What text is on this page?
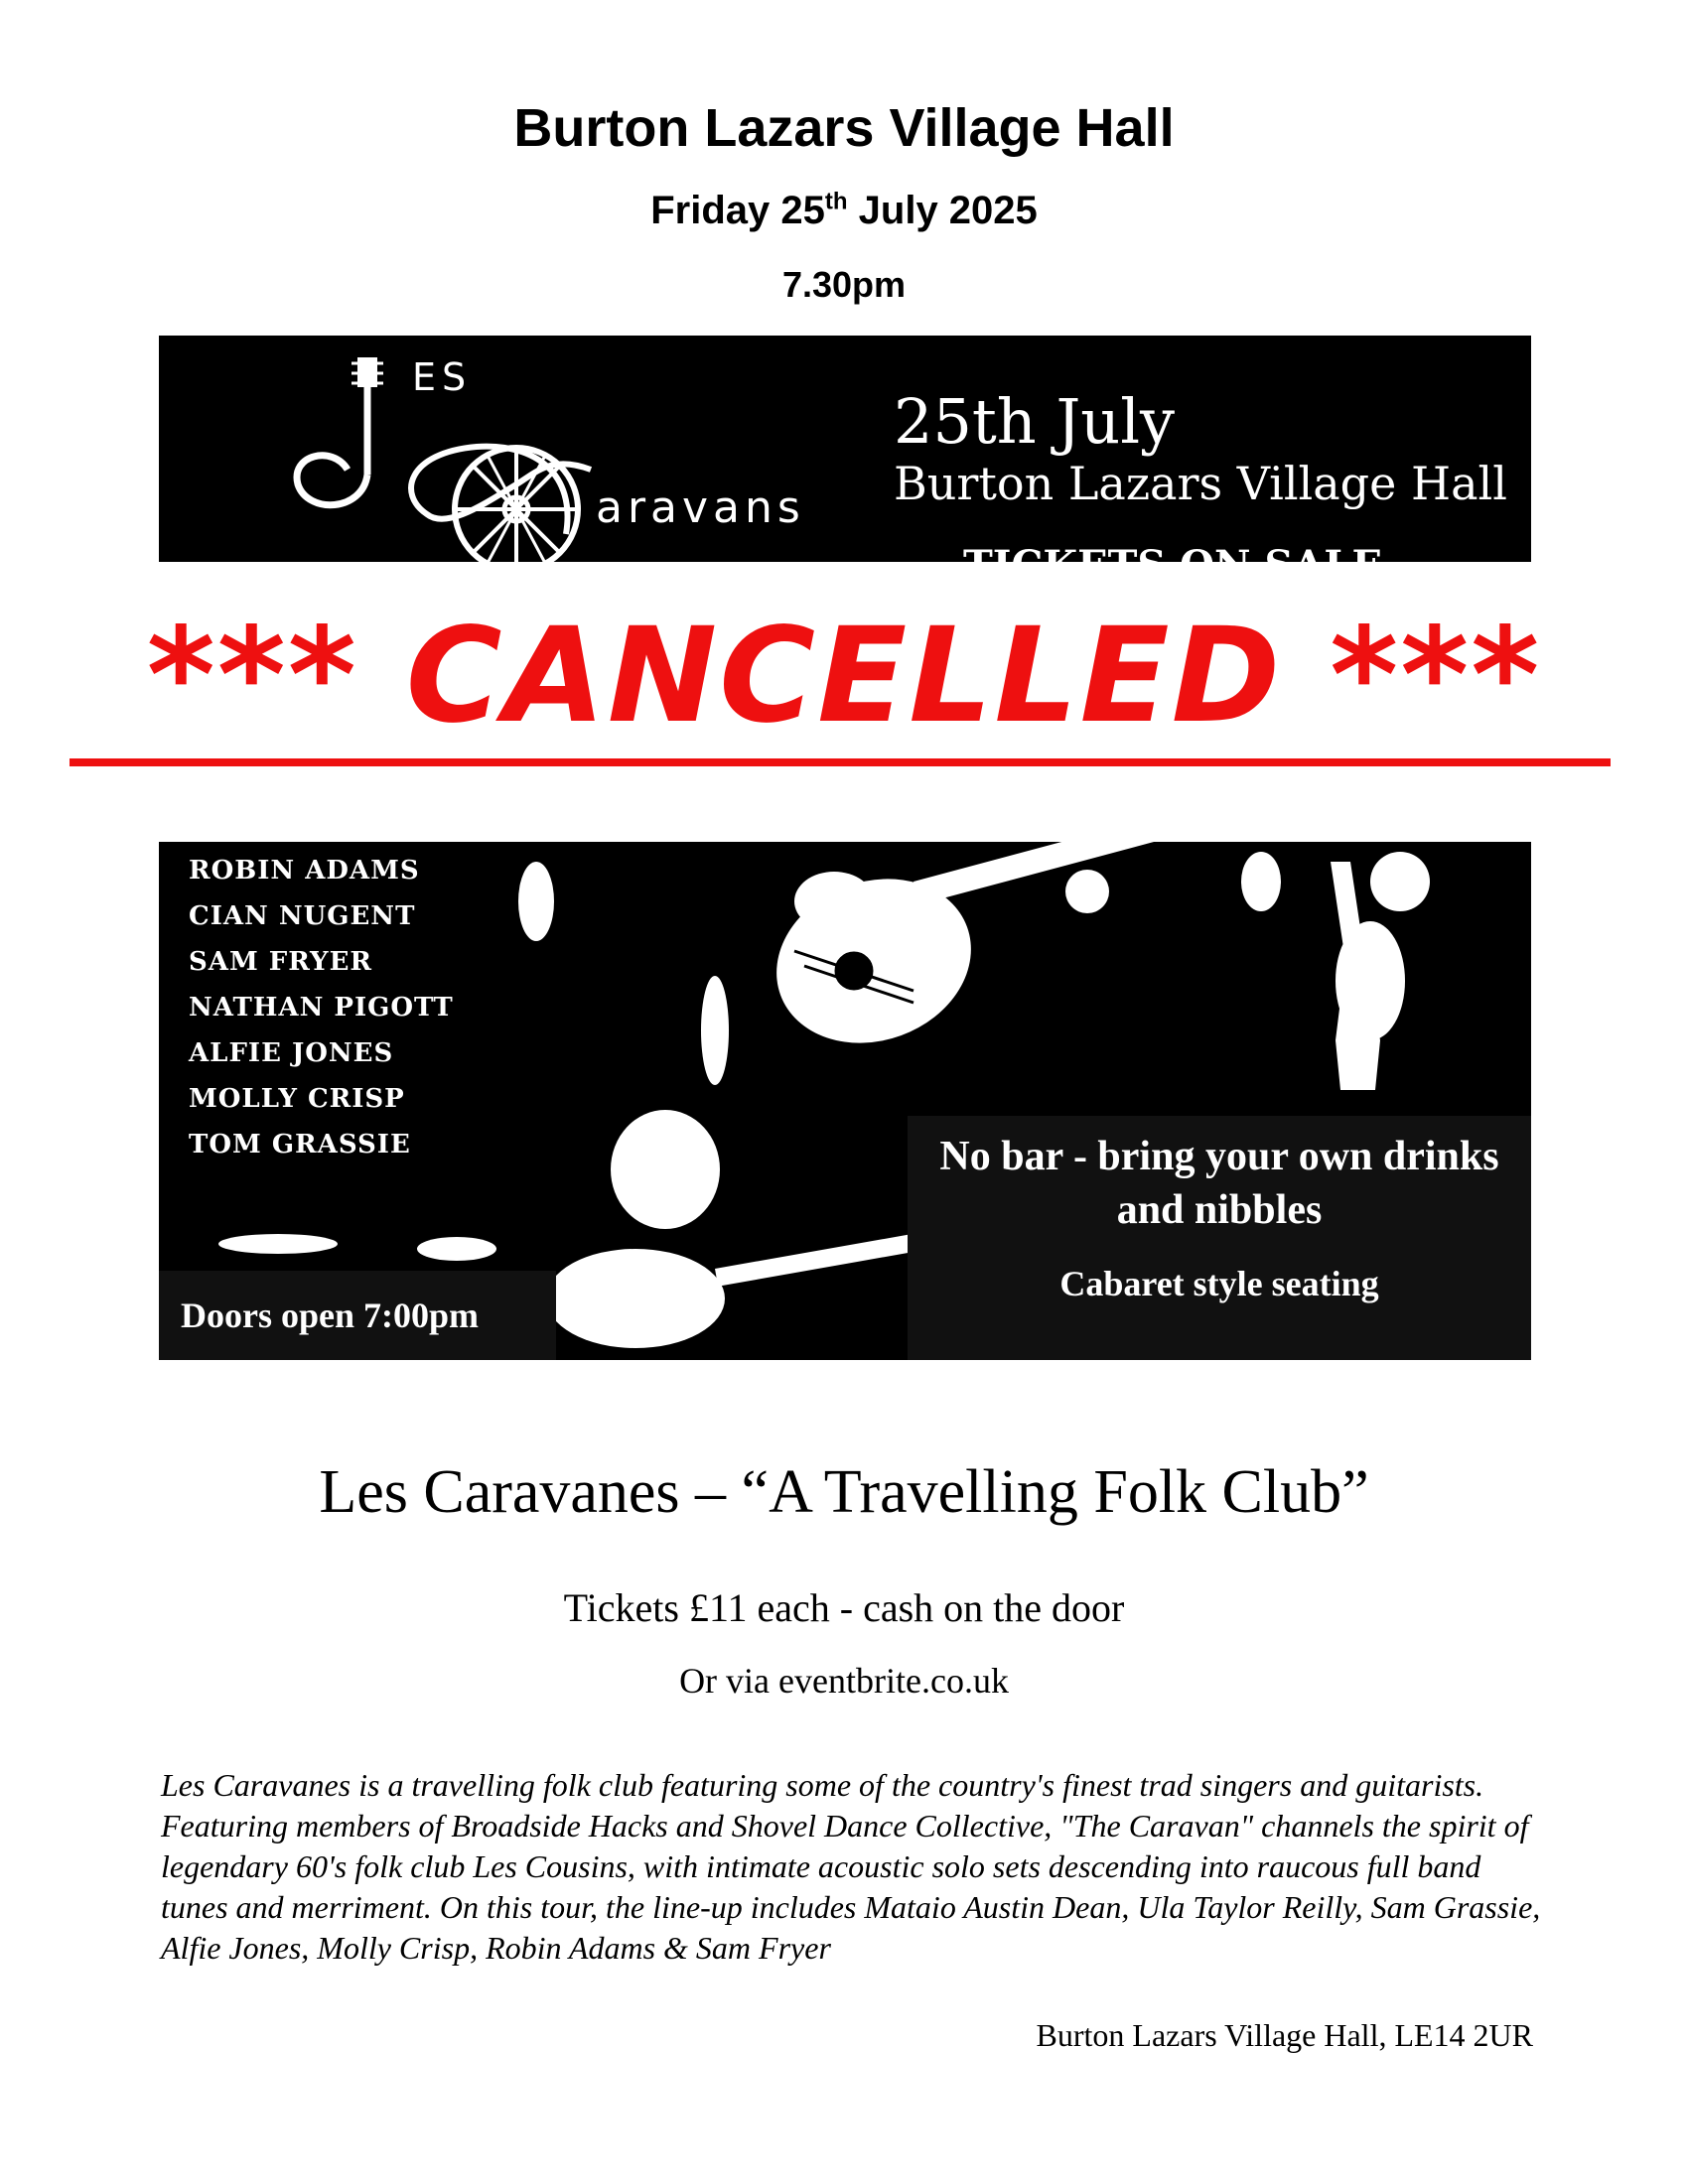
Burton Lazars Village Hall
Friday 25th July 2025
7.30pm
ES
aravans
25th July
Burton Lazars Village Hall
TICKETS ON SALE
*** CANCELLED ***
ROBIN ADAMS
CIAN NUGENT
SAM FRYER
NATHAN PIGOTT
ALFIE JONES
MOLLY CRISP
TOM GRASSIE
Doors open 7:00pm
No bar - bring your own drinks and nibbles
Cabaret style seating
Les Caravanes – “A Travelling Folk Club”
Tickets £11 each - cash on the door
Or via eventbrite.co.uk

Les Caravanes is a travelling folk club featuring some of the country's finest trad singers and guitarists. Featuring members of Broadside Hacks and Shovel Dance Collective, "The Caravan" channels the spirit of legendary 60's folk club Les Cousins, with intimate acoustic solo sets descending into raucous full band tunes and merriment. On this tour, the line-up includes Mataio Austin Dean, Ula Taylor Reilly, Sam Grassie, Alfie Jones, Molly Crisp, Robin Adams & Sam Fryer

Burton Lazars Village Hall, LE14 2UR
